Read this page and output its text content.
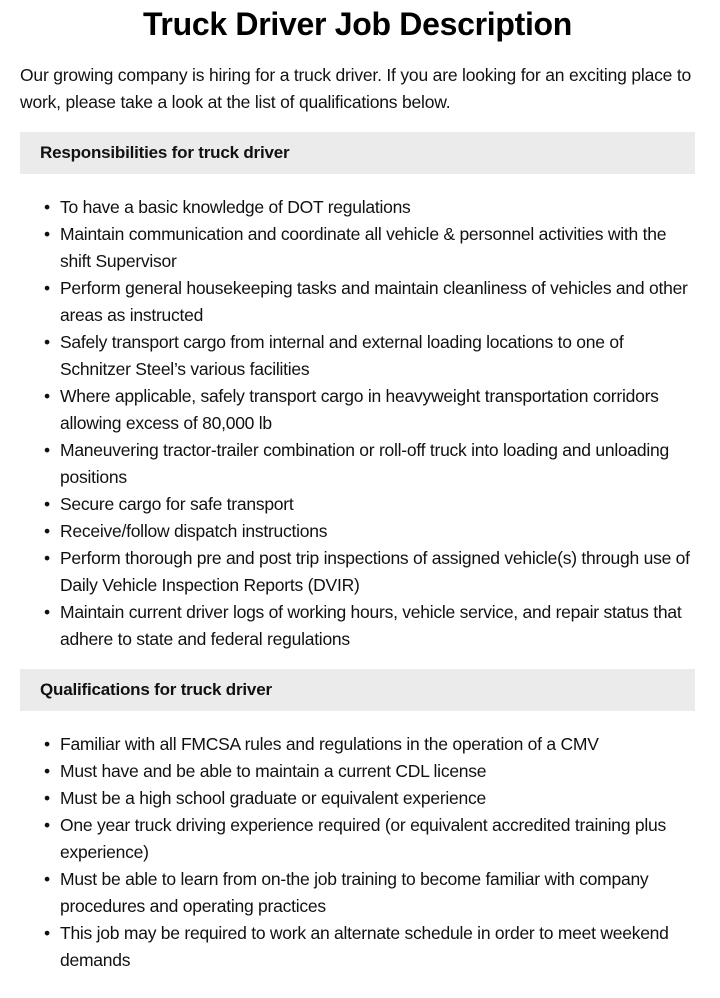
Truck Driver Job Description

Our growing company is hiring for a truck driver. If you are looking for an exciting place to work, please take a look at the list of qualifications below.

Responsibilities for truck driver
• To have a basic knowledge of DOT regulations
• Maintain communication and coordinate all vehicle & personnel activities with the shift Supervisor
• Perform general housekeeping tasks and maintain cleanliness of vehicles and other areas as instructed
• Safely transport cargo from internal and external loading locations to one of Schnitzer Steel’s various facilities
• Where applicable, safely transport cargo in heavyweight transportation corridors allowing excess of 80,000 lb
• Maneuvering tractor-trailer combination or roll-off truck into loading and unloading positions
• Secure cargo for safe transport
• Receive/follow dispatch instructions
• Perform thorough pre and post trip inspections of assigned vehicle(s) through use of Daily Vehicle Inspection Reports (DVIR)
• Maintain current driver logs of working hours, vehicle service, and repair status that adhere to state and federal regulations
Qualifications for truck driver
• Familiar with all FMCSA rules and regulations in the operation of a CMV
• Must have and be able to maintain a current CDL license
• Must be a high school graduate or equivalent experience
• One year truck driving experience required (or equivalent accredited training plus experience)
• Must be able to learn from on-the job training to become familiar with company procedures and operating practices
• This job may be required to work an alternate schedule in order to meet weekend demands
